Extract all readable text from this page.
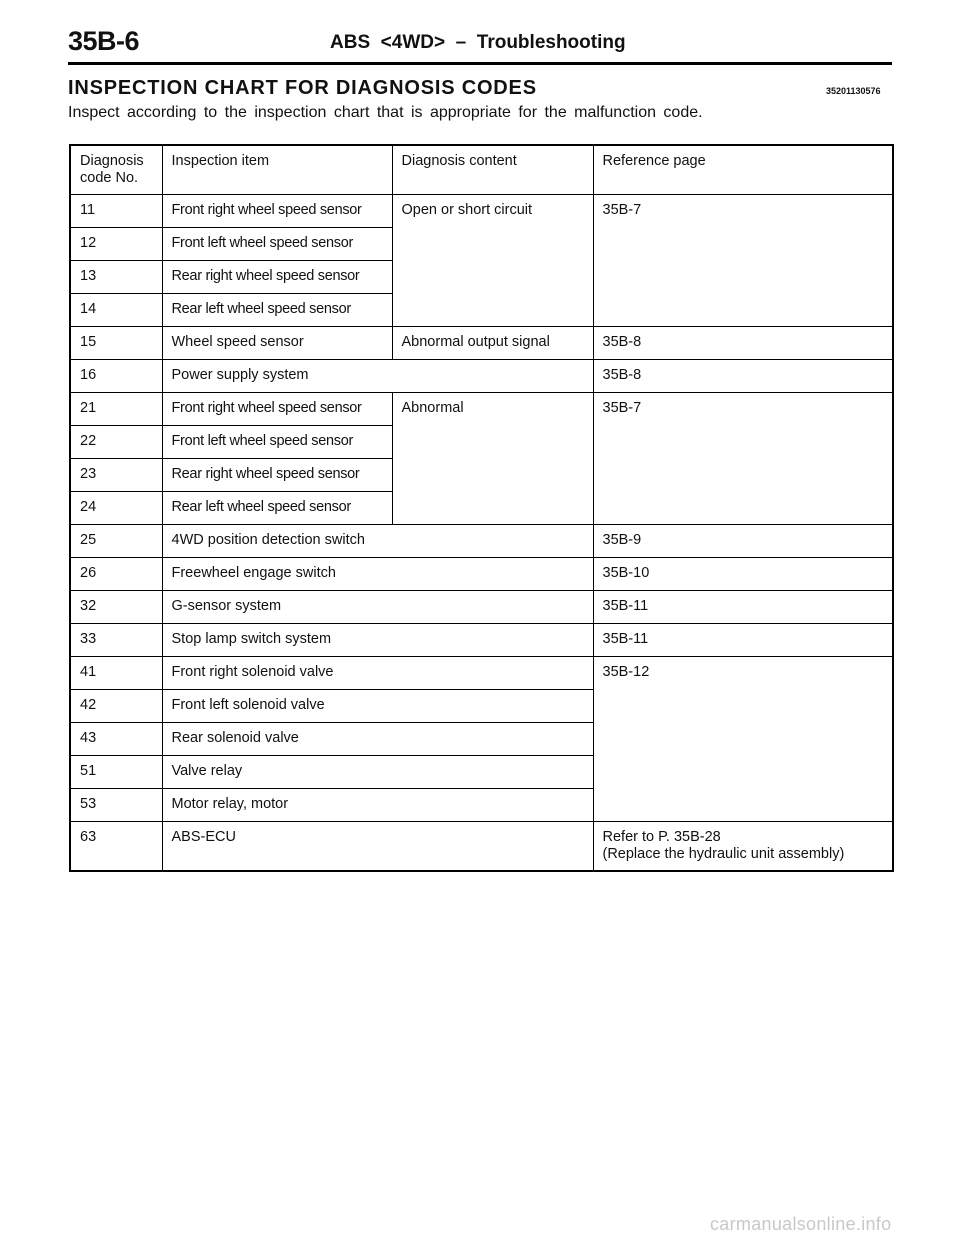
35B-6	ABS  <4WD>  –  Troubleshooting
INSPECTION CHART FOR DIAGNOSIS CODES	35201130576
Inspect according to the inspection chart that is appropriate for the malfunction code.
Diagnosis code No.	Inspection item	Diagnosis content	Reference page
11	Front right wheel speed sensor	Open or short circuit	35B-7
12	Front left wheel speed sensor		
13	Rear right wheel speed sensor		
14	Rear left wheel speed sensor		
15	Wheel speed sensor	Abnormal output signal	35B-8
16	Power supply system		35B-8
21	Front right wheel speed sensor	Abnormal	35B-7
22	Front left wheel speed sensor		
23	Rear right wheel speed sensor		
24	Rear left wheel speed sensor		
25	4WD position detection switch		35B-9
26	Freewheel engage switch		35B-10
32	G-sensor system		35B-11
33	Stop lamp switch system		35B-11
41	Front right solenoid valve		35B-12
42	Front left solenoid valve		
43	Rear solenoid valve		
51	Valve relay		
53	Motor relay, motor		
63	ABS-ECU		Refer to P. 35B-28
(Replace the hydraulic unit assembly)
carmanualsonline.info
